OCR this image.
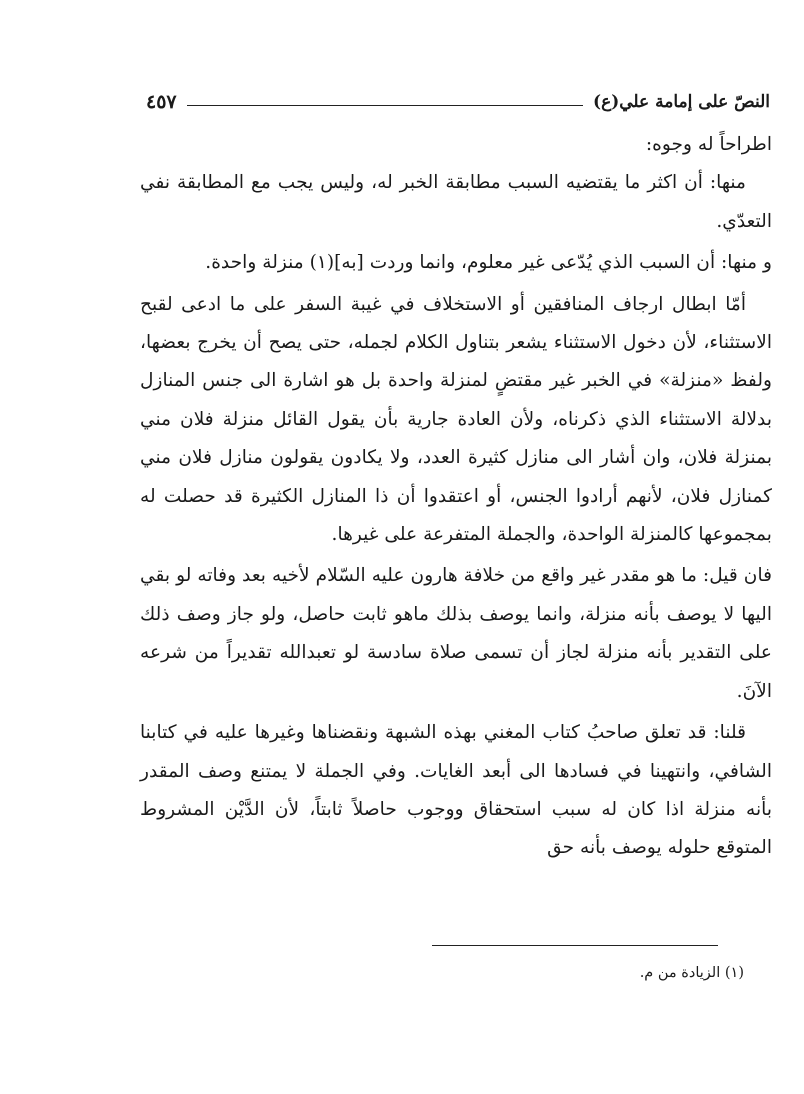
النصّ على إمامة علي(ع)
٤٥٧

اطراحاً له وجوه:

منها: أن اكثر ما يقتضيه السبب مطابقة الخبر له، وليس يجب مع المطابقة نفي التعدّي.

و منها: أن السبب الذي يُدّعى غير معلوم، وانما وردت [به](١) منزلة واحدة.

أمّا ابطال ارجاف المنافقين أو الاستخلاف في غيبة السفر على ما ادعى لقبح الاستثناء، لأن دخول الاستثناء يشعر بتناول الكلام لجمله، حتى يصح أن يخرج بعضها، ولفظ «منزلة» في الخبر غير مقتضٍ لمنزلة واحدة بل هو اشارة الى جنس المنازل بدلالة الاستثناء الذي ذكرناه، ولأن العادة جارية بأن يقول القائل منزلة فلان مني بمنزلة فلان، وان أشار الى منازل كثيرة العدد، ولا يكادون يقولون منازل فلان مني كمنازل فلان، لأنهم أرادوا الجنس، أو اعتقدوا أن ذا المنازل الكثيرة قد حصلت له بمجموعها كالمنزلة الواحدة، والجملة المتفرعة على غيرها.

فان قيل: ما هو مقدر غير واقع من خلافة هارون عليه السّلام لأخيه بعد وفاته لو بقي اليها لا يوصف بأنه منزلة، وانما يوصف بذلك ماهو ثابت حاصل، ولو جاز وصف ذلك على التقدير بأنه منزلة لجاز أن تسمى صلاة سادسة لو تعبدالله تقديراً من شرعه الآنَ.

قلنا: قد تعلق صاحبُ كتاب المغني بهذه الشبهة ونقضناها وغيرها عليه في كتابنا الشافي، وانتهينا في فسادها الى أبعد الغايات. وفي الجملة لا يمتنع وصف المقدر بأنه منزلة اذا كان له سبب استحقاق ووجوب حاصلاً ثابتاً، لأن الدَّيْن المشروط المتوقع حلوله يوصف بأنه حق

(١) الزيادة من م.
